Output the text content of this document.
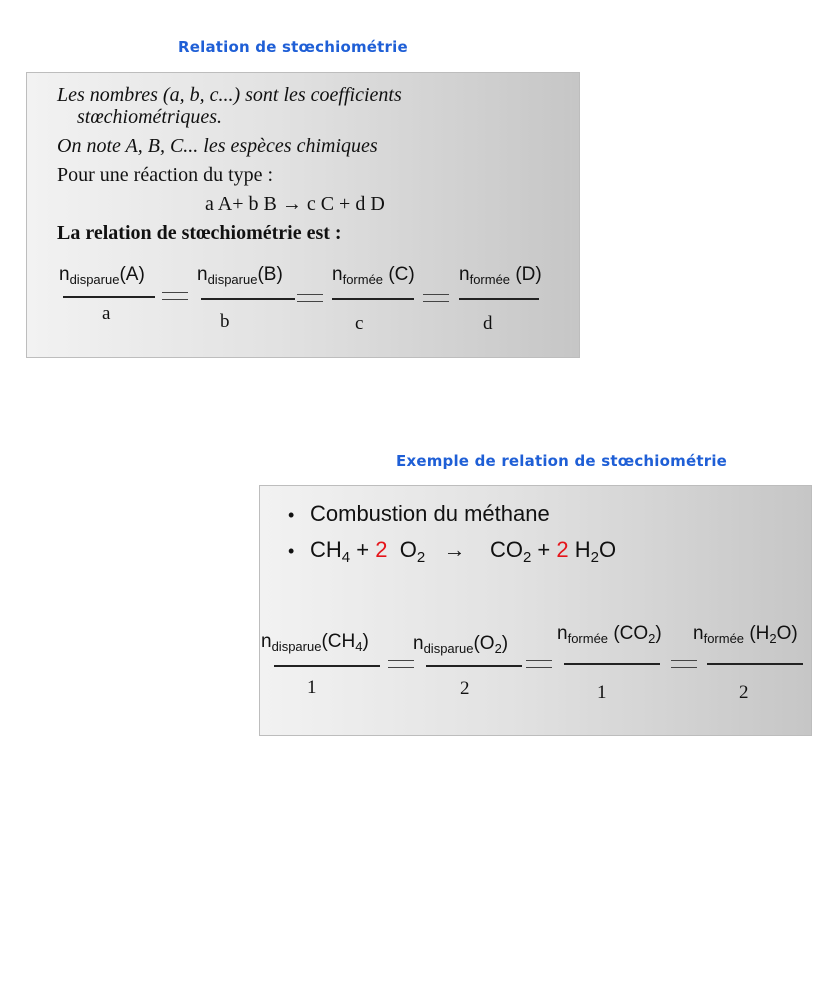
Relation de stœchiométrie
Les nombres (a, b, c...) sont les coefficients
stœchiométriques.
On note A, B, C... les espèces chimiques
Pour une réaction du type :
a A+ b B → c C + d D
La relation de stœchiométrie est :
$n_{disparue}(A)$
a
$n_{disparue}(B)$
b
$n_{formée}$ (C)
c
$n_{formée}$ (D)
d
Exemple de relation de stœchiométrie
• Combustion du méthane
• $CH_4 + 2$ $O_2 \to CO_2 + 2$ $H_2O$
$n_{disparue}(CH_4)$
1
$n_{disparue}(O_2)$
2
$n_{formée}$ $(CO_2)$
1
$n_{formée}$ $(H_2O)$
2
